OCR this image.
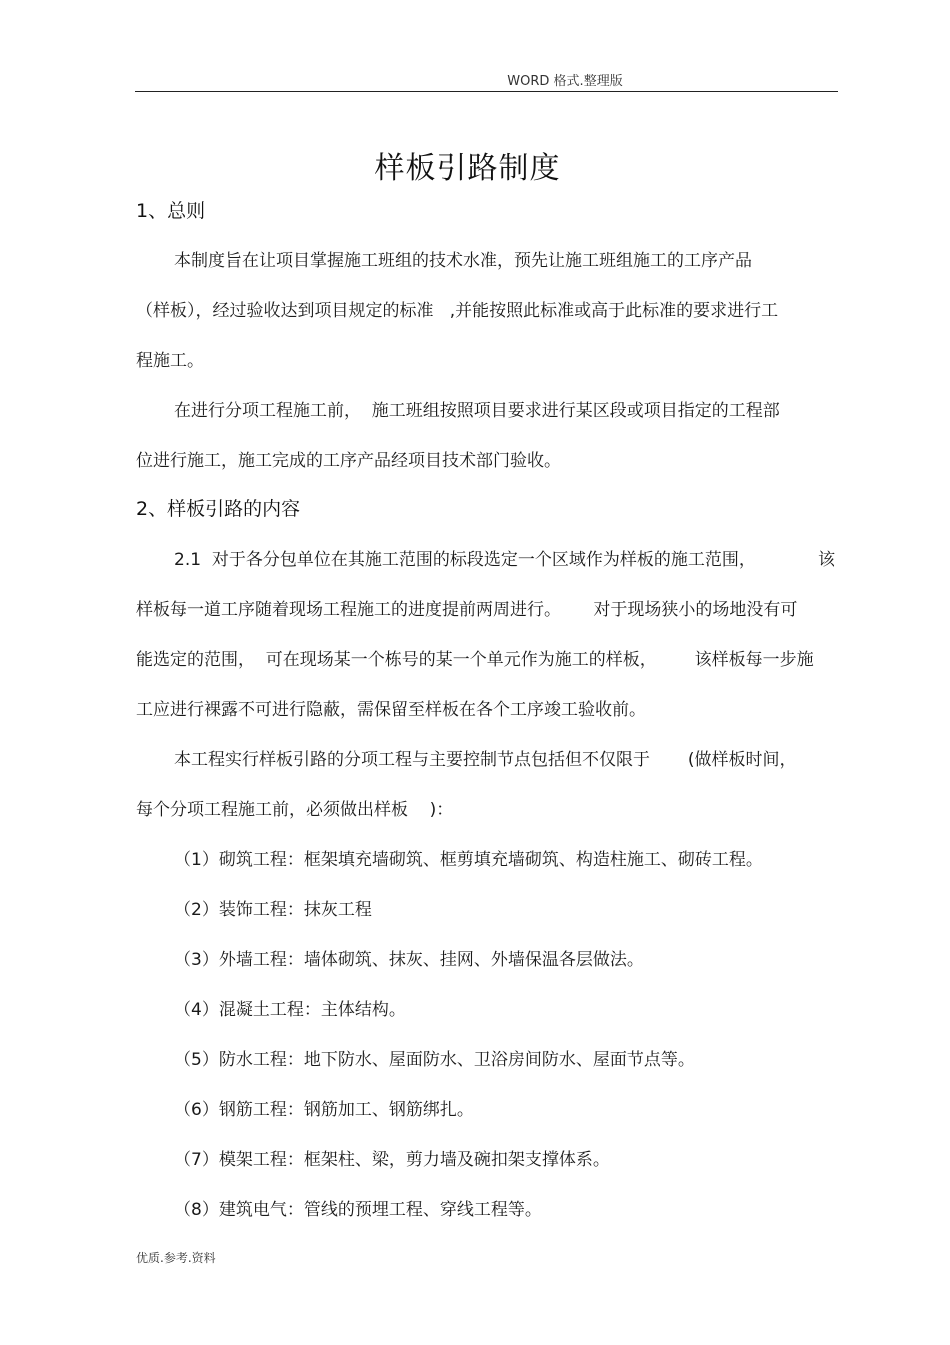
WORD 格式.整理版
样板引路制度
1、总则
本制度旨在让项目掌握施工班组的技术水准，预先让施工班组施工的工序产品
（样板），经过验收达到项目规定的标准   ,并能按照此标准或高于此标准的要求进行工
程施工。
在进行分项工程施工前，  施工班组按照项目要求进行某区段或项目指定的工程部
位进行施工，施工完成的工序产品经项目技术部门验收。
2、样板引路的内容
2.1  对于各分包单位在其施工范围的标段选定一个区域作为样板的施工范围，	该
样板每一道工序随着现场工程施工的进度提前两周进行。      对于现场狭小的场地没有可
能选定的范围，  可在现场某一个栋号的某一个单元作为施工的样板，       该样板每一步施
工应进行裸露不可进行隐蔽，需保留至样板在各个工序竣工验收前。
本工程实行样板引路的分项工程与主要控制节点包括但不仅限于       (做样板时间，
每个分项工程施工前，必须做出样板    )：
（1）砌筑工程：框架填充墙砌筑、框剪填充墙砌筑、构造柱施工、砌砖工程。
（2）装饰工程：抹灰工程
（3）外墙工程：墙体砌筑、抹灰、挂网、外墙保温各层做法。
（4）混凝土工程：主体结构。
（5）防水工程：地下防水、屋面防水、卫浴房间防水、屋面节点等。
（6）钢筋工程：钢筋加工、钢筋绑扎。
（7）模架工程：框架柱、梁，剪力墙及碗扣架支撑体系。
（8）建筑电气：管线的预埋工程、穿线工程等。
优质.参考.资料
